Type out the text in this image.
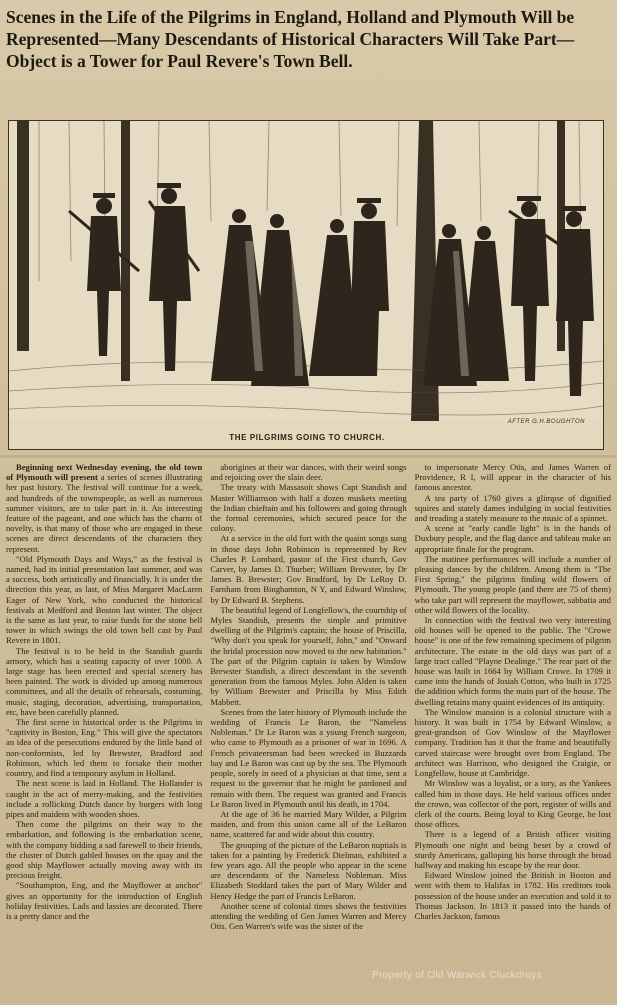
Scenes in the Life of the Pilgrims in England, Holland and Plymouth Will be Represented—Many Descendants of Historical Characters Will Take Part—Object is a Tower for Paul Revere's Town Bell.
AFTER G.H.BOUGHTON
THE PILGRIMS GOING TO CHURCH.

Beginning next Wednesday evening, the old town of Plymouth will present a series of scenes illustrating her past history. The festival will continue for a week, and hundreds of the townspeople, as well as numerous summer visitors, are to take part in it. An interesting feature of the pageant, and one which has the charm of novelty, is that many of those who are engaged in these scenes are direct descendants of the characters they represent.

"Old Plymouth Days and Ways," as the festival is named, had its initial presentation last summer, and was a success, both artistically and financially. It is under the direction this year, as last, of Miss Margaret MacLaren Eager of New York, who conducted the historical festivals at Medford and Boston last winter. The object is the same as last year, to raise funds for the stone bell tower in which swings the old town bell cast by Paul Revere in 1801.

The festival is to be held in the Standish guards armory, which has a seating capacity of over 1000. A large stage has been erected and special scenery has been painted. The work is divided up among numerous committees, and all the details of rehearsals, costuming, music, staging, decoration, advertising, transportation, etc, have been carefully planned.

The first scene in historical order is the Pilgrims in "captivity in Boston, Eng." This will give the spectators an idea of the persecutions endured by the little band of non-conformists, led by Brewster, Bradford and Robinson, which led them to forsake their mother country, and find a temporary asylum in Holland.

The next scene is laid in Holland. The Hollander is caught in the act of merry-making, and the festivities include a rollicking Dutch dance by burgers with long pipes and maidens with wooden shoes.

Then come the pilgrims on their way to the embarkation, and following is the embarkation scene, with the company bidding a sad farewell to their friends, the cluster of Dutch gabled houses on the quay and the good ship Mayflower actually moving away with its precious freight.

"Southampton, Eng, and the Mayflower at anchor" gives an opportunity for the introduction of English holiday festivities. Lads and lassies are decorated. There is a pretty dance and the

aborigines at their war dances, with their weird songs and rejoicing over the slain deer.

The treaty with Massasoit shows Capt Standish and Master Williamson with half a dozen muskets meeting the Indian chieftain and his followers and going through the formal ceremonies, which secured peace for the colony.

At a service in the old fort with the quaint songs sung in those days John Robinson is represented by Rev Charles P. Lombard, pastor of the First church, Gov Carver, by James D. Thurber; William Brewster, by Dr James B. Brewster; Gov Bradford, by Dr LeRoy D. Farnham from Binghamton, N Y, and Edward Winslow, by Dr Edward B. Stephens.

The beautiful legend of Longfellow's, the courtship of Myles Standish, presents the simple and primitive dwelling of the Pilgrim's captain; the house of Priscilla, "Why don't you speak for yourself, John," and "Onward the bridal procession now moved to the new habitation." The part of the Pilgrim captain is taken by Winslow Brewster Standish, a direct descendant in the seventh generation from the famous Myles. John Alden is taken by William Brewster and Priscilla by Miss Edith Mabbett.

Scenes from the later history of Plymouth include the wedding of Francis Le Baron, the "Nameless Nobleman." Dr Le Baron was a young French surgeon, who came to Plymouth as a prisoner of war in 1696. A French privateersman had been wrecked in Buzzards bay and Le Baron was cast up by the sea. The Plymouth people, sorely in need of a physician at that time, sent a request to the governor that he might be pardoned and remain with them. The request was granted and Francis Le Baron lived in Plymouth until his death, in 1704.

At the age of 36 he married Mary Wilder, a Pilgrim maiden, and from this union came all of the LeBaron name, scattered far and wide about this country.

The grouping of the picture of the LeBaron nuptials is taken for a painting by Frederick Dielman, exhibited a few years ago. All the people who appear in the scene are descendants of the Nameless Nobleman. Miss Elizabeth Stoddard takes the part of Mary Wilder and Henry Hedge the part of Francis LeBaron.

Another scene of colonial times shows the festivities attending the wedding of Gen James Warren and Mercy Otis. Gen Warren's wife was the sister of the

to impersonate Mercy Otis, and James Warren of Providence, R I, will appear in the character of his famous ancestor.

A tea party of 1760 gives a glimpse of dignified squires and stately dames indulging in social festivities and treading a stately measure to the music of a spinnet.

A scene at "early candle light" is in the hands of Duxbury people, and the flag dance and tableau make an appropriate finale for the program.

The matinee performances will include a number of pleasing dances by the children. Among them is "The First Spring," the pilgrims finding wild flowers of Plymouth. The young people (and there are 75 of them) who take part will represent the mayflower, sabbatia and other wild flowers of the locality.

In connection with the festival two very interesting old houses will be opened to the public. The "Crowe house" is one of the few remaining specimens of pilgrim architecture. The estate in the old days was part of a large tract called "Playne Dealinge." The rear part of the house was built in 1664 by William Crowe. In 1709 it came into the hands of Josiah Cotton, who built in 1725 the addition which forms the main part of the house. The dwelling retains many quaint evidences of its antiquity.

The Winslow mansion is a colonial structure with a history. It was built in 1754 by Edward Winslow, a great-grandson of Gov Winslow of the Mayflower company. Tradition has it that the frame and beautifully carved staircase were brought over from England. The architect was Harrison, who designed the Craigie, or Longfellow, house at Cambridge.

Mr Winslow was a loyalist, or a tory, as the Yankees called him in those days. He held various offices under the crown, was collector of the port, register of wills and clerk of the courts. Being loyal to King George, he lost those offices.

There is a legend of a British officer visiting Plymouth one night and being beset by a crowd of sturdy Americans, galloping his horse through the broad hallway and making his escape by the rear door.

Edward Winslow joined the British in Boston and went with them to Halifax in 1782. His creditors took possession of the house under an execution and sold it to Thomas Jackson. In 1813 it passed into the hands of Charles Jackson, famous

Property of Old Warwick Cluckdroys
